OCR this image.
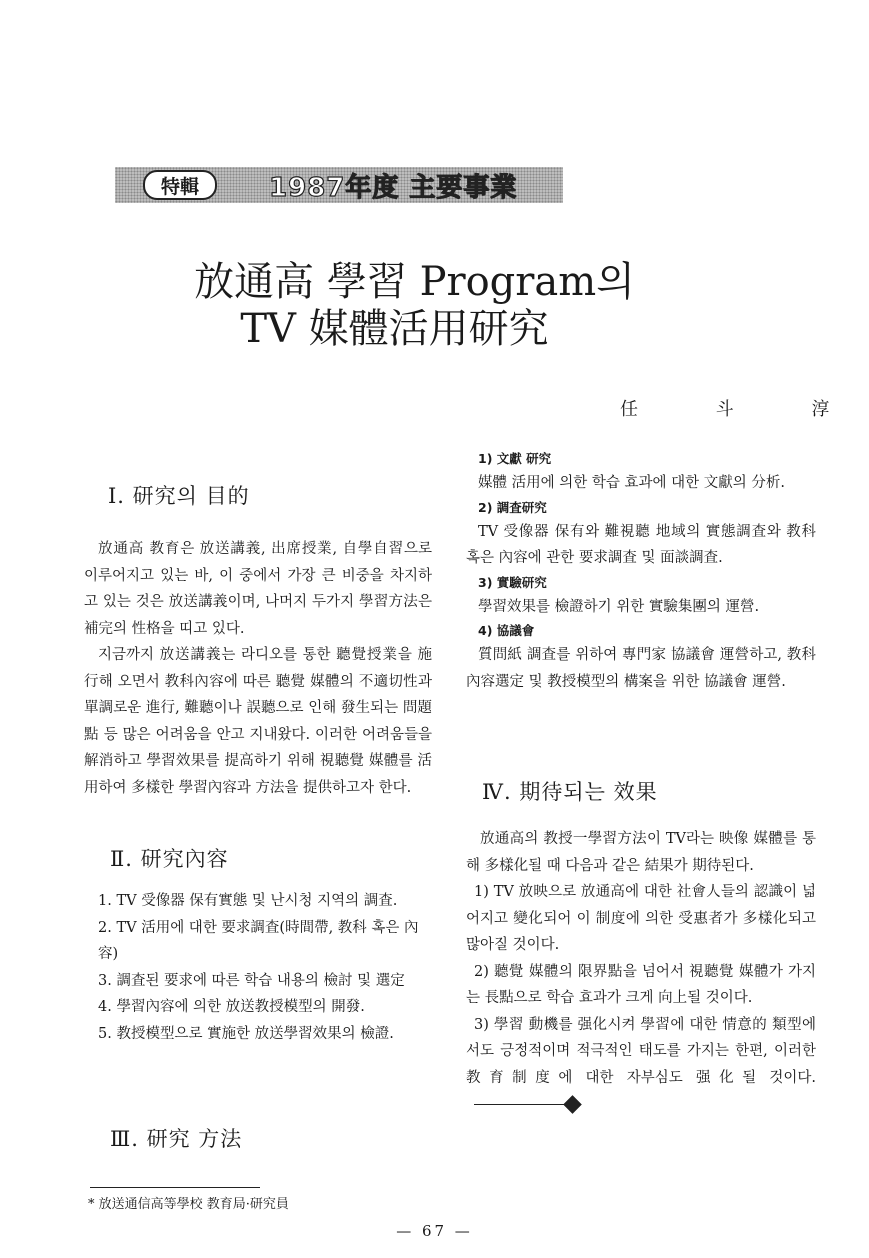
特輯	1987年度 主要事業
放通高 學習 Program의
TV 媒體活用研究
任 斗 淳
Ⅰ. 研究의 目的
放通高 教育은 放送講義, 出席授業, 自學自習으로 이루어지고 있는 바, 이 중에서 가장 큰 비중을 차지하고 있는 것은 放送講義이며, 나머지 두가지 學習方法은 補完의 性格을 띠고 있다.
지금까지 放送講義는 라디오를 통한 聽覺授業을 施行해 오면서 教科內容에 따른 聽覺 媒體의 不適切性과 單調로운 進行, 難聽이나 誤聽으로 인해 發生되는 問題點 등 많은 어려움을 안고 지내왔다. 이러한 어려움들을 解消하고 學習效果를 提高하기 위해 視聽覺 媒體를 活用하여 多樣한 學習內容과 方法을 提供하고자 한다.
Ⅱ. 研究內容
1. TV 受像器 保有實態 및 난시청 지역의 調査.
2. TV 活用에 대한 要求調査(時間帶, 教科 혹은 內容)
3. 調査된 要求에 따른 학습 내용의 檢討 및 選定
4. 學習內容에 의한 放送教授模型의 開發.
5. 教授模型으로 實施한 放送學習效果의 檢證.
Ⅲ. 研究 方法
1) 文獻 研究
媒體 活用에 의한 학습 효과에 대한 文獻의 分析.
2) 調査研究
TV 受像器 保有와 難視聽 地域의 實態調査와 教科 혹은 內容에 관한 要求調査 및 面談調査.
3) 實驗研究
學習效果를 檢證하기 위한 實驗集團의 運營.
4) 協議會
質問紙 調査를 위하여 專門家 協議會 運營하고, 教科內容選定 및 教授模型의 構案을 위한 協議會 運營.
Ⅳ. 期待되는 效果
放通高의 教授一學習方法이 TV라는 映像 媒體를 통해 多樣化될 때 다음과 같은 結果가 期待된다.
1) TV 放映으로 放通高에 대한 社會人들의 認識이 넓어지고 變化되어 이 制度에 의한 受惠者가 多樣化되고 많아질 것이다.
2) 聽覺 媒體의 限界點을 넘어서 視聽覺 媒體가 가지는 長點으로 학습 효과가 크게 向上될 것이다.
3) 學習 動機를 强化시켜 學習에 대한 情意的 類型에서도 긍정적이며 적극적인 태도를 가지는 한편, 이러한 教育制度에 대한 자부심도 强化될 것이다.
* 放送通信高等學校 教育局·研究員
— 67 —
